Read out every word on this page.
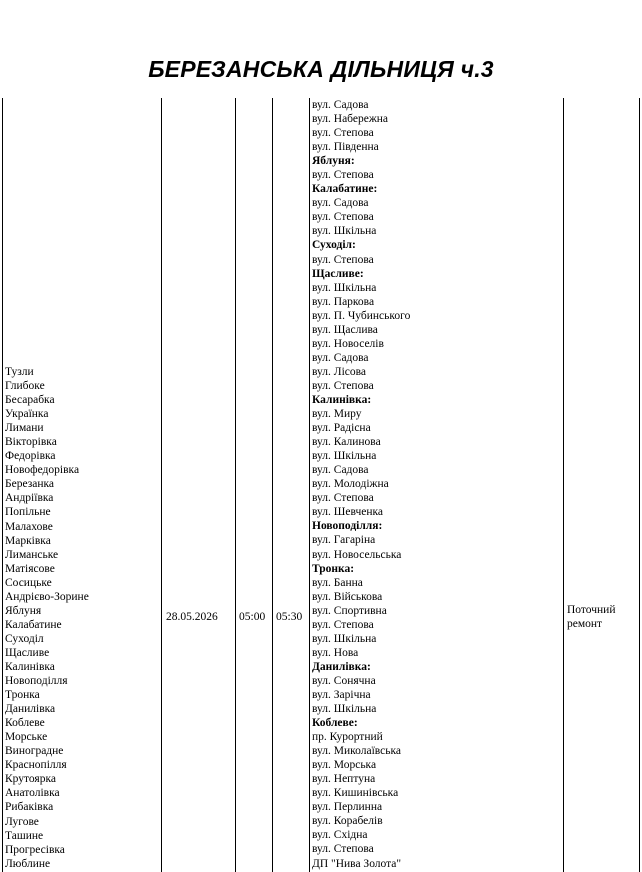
БЕРЕЗАНСЬКА ДІЛЬНИЦЯ ч.3
Тузли
Глибоке
Бесарабка
Українка
Лимани
Вікторівка
Федорівка
Новофедорівка
Березанка
Андріївка
Попільне
Малахове
Марківка
Лиманське
Матіясове
Сосицьке
Андрієво-Зорине
Яблуня
Калабатине
Суходіл
Щасливе
Калинівка
Новоподілля
Тронка
Данилівка
Коблеве
Морське
Виноградне
Краснопілля
Крутоярка
Анатолівка
Рибаківка
Лугове
Ташине
Прогресівка
Люблине
28.05.2026 05:00 05:30
вул. Садова
вул. Набережна
вул. Степова
вул. Південна
Яблуня:
вул. Степова
Калабатине:
вул. Садова
вул. Степова
вул. Шкільна
Суходіл:
вул. Степова
Щасливе:
вул. Шкільна
вул. Паркова
вул. П. Чубинського
вул. Щаслива
вул. Новоселів
вул. Садова
вул. Лісова
вул. Степова
Калинівка:
вул. Миру
вул. Радісна
вул. Калинова
вул. Шкільна
вул. Садова
вул. Молодіжна
вул. Степова
вул. Шевченка
Новоподілля:
вул. Гагаріна
вул. Новосельська
Тронка:
вул. Банна
вул. Військова
вул. Спортивна
вул. Степова
вул. Шкільна
вул. Нова
Данилівка:
вул. Сонячна
вул. Зарічна
вул. Шкільна
Коблеве:
пр. Курортний
вул. Миколаївська
вул. Морська
вул. Нептуна
вул. Кишинівська
вул. Перлинна
вул. Корабелів
вул. Східна
вул. Степова
ДП "Нива Золота"
Поточний ремонт
